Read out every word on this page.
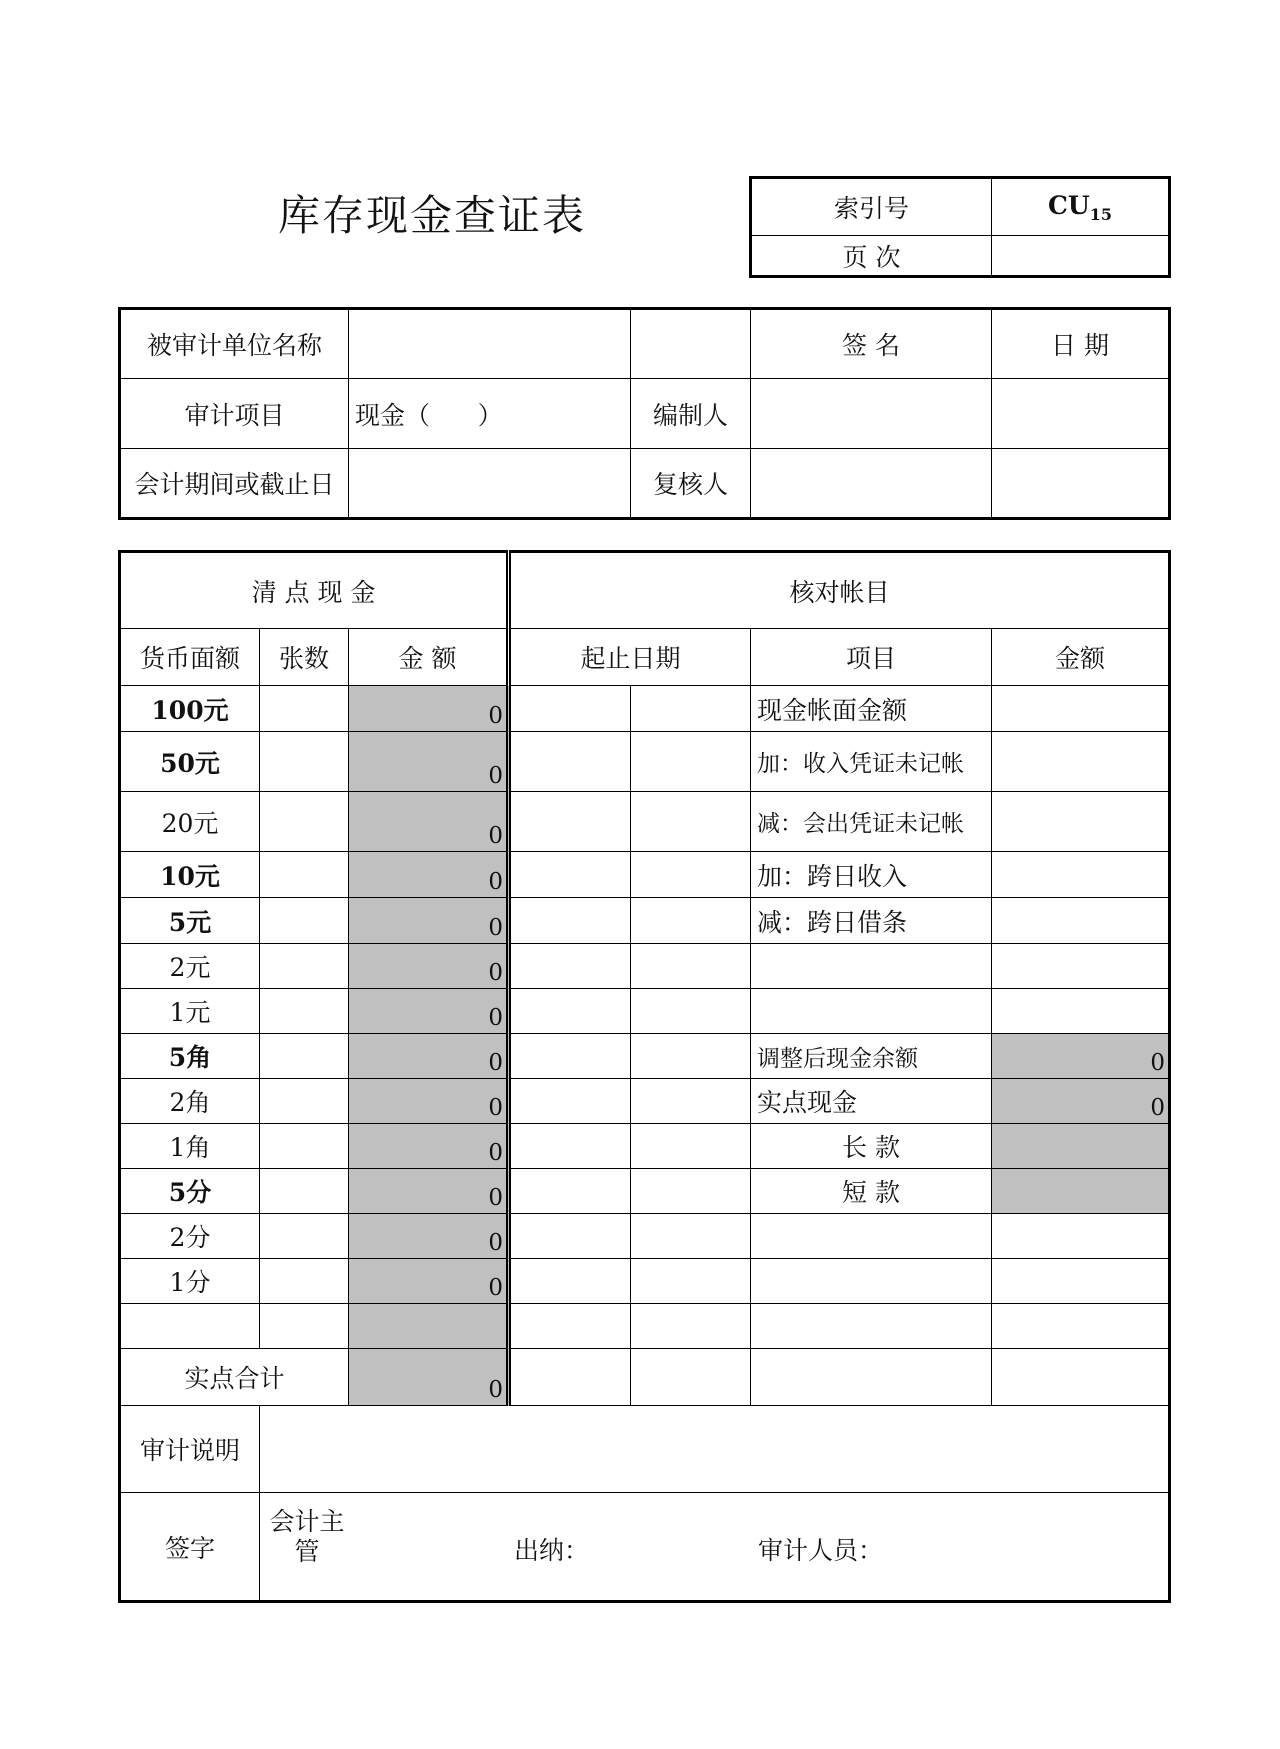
库存现金查证表	索引号	$CU_{15}$
页 次	
被审计单位名称			签 名	日 期
审计项目	现金（      ）	编制人		
会计期间或截止日		复核人		
清 点 现 金			核对帐目			
货币面额	张数	金 额	起止日期		项目	金额
100元		0			现金帐面金额	
50元		0			加：收入凭证未记帐	
20元		0			减：会出凭证未记帐	
10元		0			加：跨日收入	
5元		0			减：跨日借条	
2元		0				
1元		0				
5角		0			调整后现金余额	0
2角		0			实点现金	0
1角		0			长 款	
5分		0			短 款	
2分		0				
1分		0				

实点合计		0				
审计说明						
签字	会计主管 出纳： 审计人员：					
